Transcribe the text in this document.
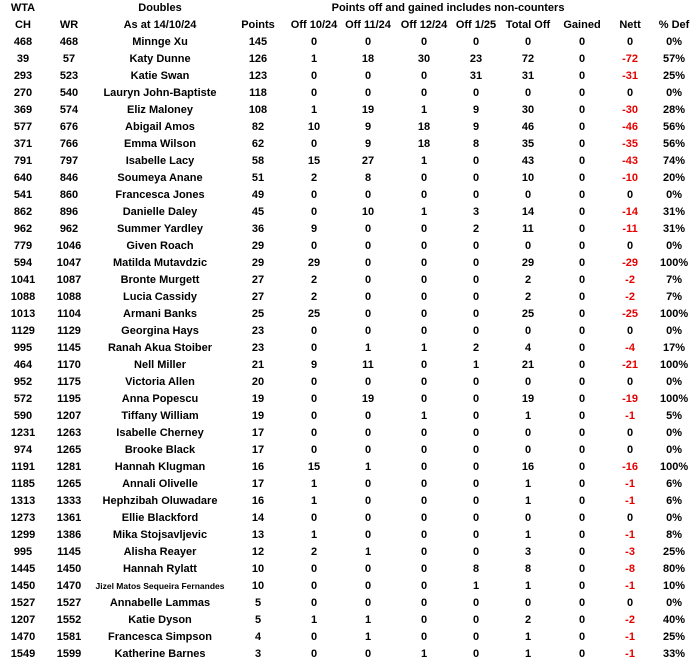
WTA		Doubles		Points off and gained includes non-counters							
CH	WR	As at 14/10/24	Points	Off 10/24	Off 11/24	Off 12/24	Off 1/25	Total Off	Gained	Nett	% Def
468	468	Minnge Xu	145	0	0	0	0	0	0	0	0%
39	57	Katy Dunne	126	1	18	30	23	72	0	-72	57%
293	523	Katie Swan	123	0	0	0	31	31	0	-31	25%
270	540	Lauryn John-Baptiste	118	0	0	0	0	0	0	0	0%
369	574	Eliz Maloney	108	1	19	1	9	30	0	-30	28%
577	676	Abigail Amos	82	10	9	18	9	46	0	-46	56%
371	766	Emma Wilson	62	0	9	18	8	35	0	-35	56%
791	797	Isabelle Lacy	58	15	27	1	0	43	0	-43	74%
640	846	Soumeya Anane	51	2	8	0	0	10	0	-10	20%
541	860	Francesca Jones	49	0	0	0	0	0	0	0	0%
862	896	Danielle Daley	45	0	10	1	3	14	0	-14	31%
962	962	Summer Yardley	36	9	0	0	2	11	0	-11	31%
779	1046	Given Roach	29	0	0	0	0	0	0	0	0%
594	1047	Matilda Mutavdzic	29	29	0	0	0	29	0	-29	100%
1041	1087	Bronte Murgett	27	2	0	0	0	2	0	-2	7%
1088	1088	Lucia Cassidy	27	2	0	0	0	2	0	-2	7%
1013	1104	Armani Banks	25	25	0	0	0	25	0	-25	100%
1129	1129	Georgina Hays	23	0	0	0	0	0	0	0	0%
995	1145	Ranah Akua Stoiber	23	0	1	1	2	4	0	-4	17%
464	1170	Nell Miller	21	9	11	0	1	21	0	-21	100%
952	1175	Victoria Allen	20	0	0	0	0	0	0	0	0%
572	1195	Anna Popescu	19	0	19	0	0	19	0	-19	100%
590	1207	Tiffany William	19	0	0	1	0	1	0	-1	5%
1231	1263	Isabelle Cherney	17	0	0	0	0	0	0	0	0%
974	1265	Brooke Black	17	0	0	0	0	0	0	0	0%
1191	1281	Hannah Klugman	16	15	1	0	0	16	0	-16	100%
1185	1265	Annali Olivelle	17	1	0	0	0	1	0	-1	6%
1313	1333	Hephzibah Oluwadare	16	1	0	0	0	1	0	-1	6%
1273	1361	Ellie Blackford	14	0	0	0	0	0	0	0	0%
1299	1386	Mika Stojsavljevic	13	1	0	0	0	1	0	-1	8%
995	1145	Alisha Reayer	12	2	1	0	0	3	0	-3	25%
1445	1450	Hannah Rylatt	10	0	0	0	8	8	0	-8	80%
1450	1470	Jizel Matos Sequeira Fernandes	10	0	0	0	1	1	0	-1	10%
1527	1527	Annabelle Lammas	5	0	0	0	0	0	0	0	0%
1207	1552	Katie Dyson	5	1	1	0	0	2	0	-2	40%
1470	1581	Francesca Simpson	4	0	1	0	0	1	0	-1	25%
1549	1599	Katherine Barnes	3	0	0	1	0	1	0	-1	33%
